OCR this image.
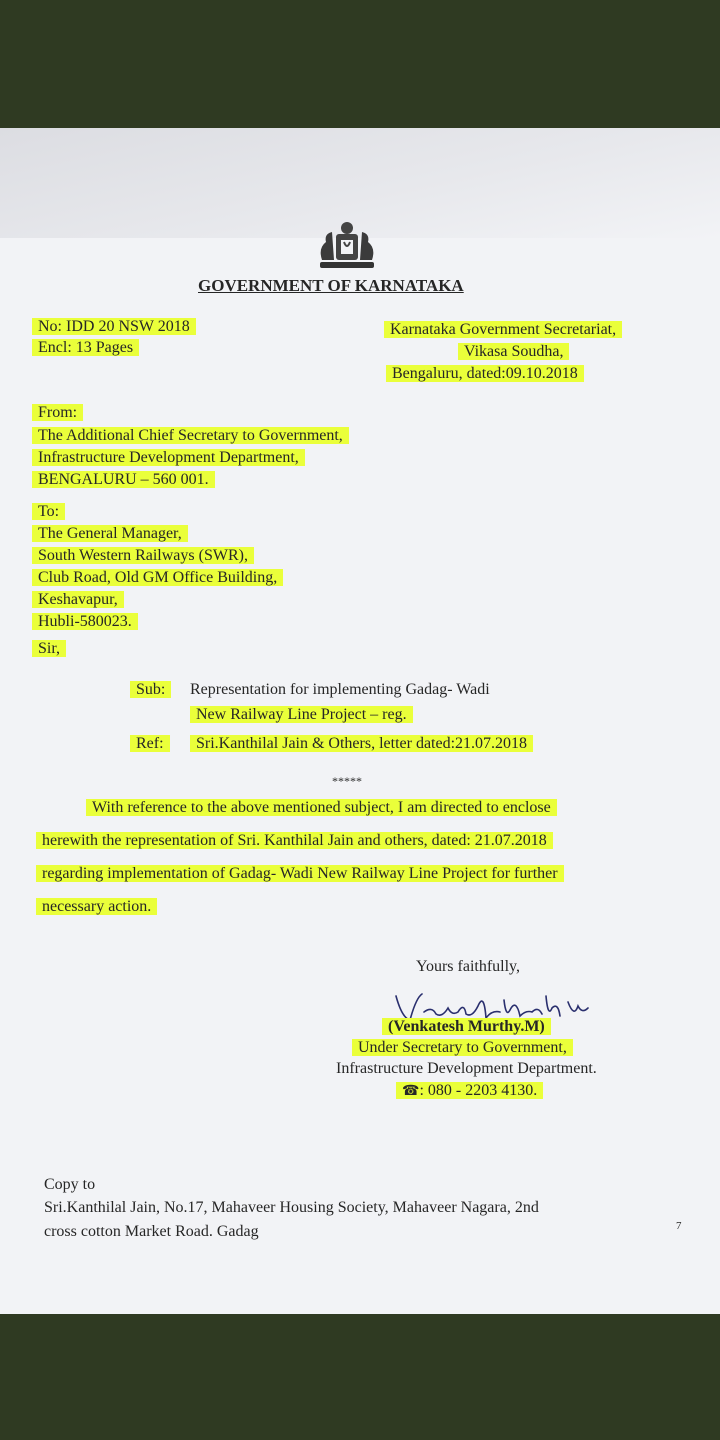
GOVERNMENT OF KARNATAKA
No: IDD 20 NSW 2018
Encl: 13 Pages
Karnataka Government Secretariat,
Vikasa Soudha,
Bengaluru, dated:09.10.2018
From:
The Additional Chief Secretary to Government,
Infrastructure Development Department,
BENGALURU – 560 001.
To:
The General Manager,
South Western Railways (SWR),
Club Road, Old GM Office Building,
Keshavapur,
Hubli-580023.
Sir,
Sub:	Representation for implementing Gadag- Wadi
New Railway Line Project – reg.
Ref:	Sri.Kanthilal Jain & Others, letter dated:21.07.2018
*****
With reference to the above mentioned subject, I am directed to enclose
herewith the representation of Sri. Kanthilal Jain and others, dated: 21.07.2018
regarding implementation of Gadag- Wadi New Railway Line Project for further
necessary action.
Yours faithfully,
(Venkatesh Murthy.M)
Under Secretary to Government,
Infrastructure Development Department.
☎: 080 - 2203 4130.
Copy to
Sri.Kanthilal Jain, No.17, Mahaveer Housing Society, Mahaveer Nagara, 2nd
cross cotton Market Road. Gadag	7
